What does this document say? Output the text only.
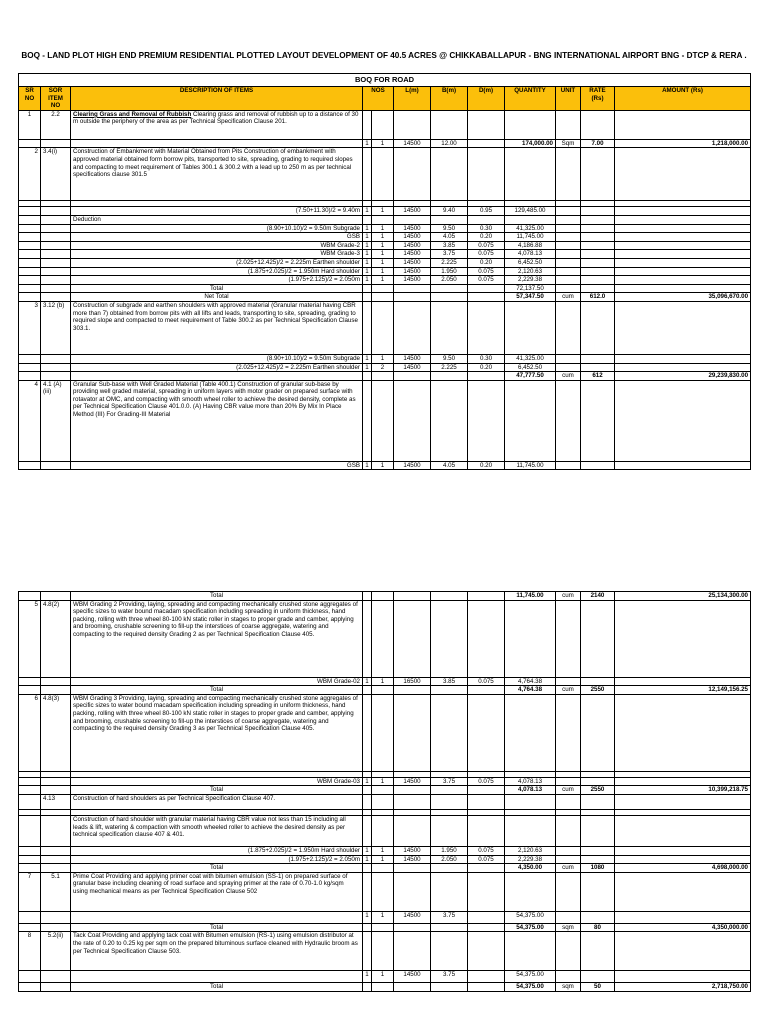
BOQ - LAND PLOT HIGH END PREMIUM RESIDENTIAL PLOTTED LAYOUT DEVELOPMENT OF 40.5 ACRES @ CHIKKABALLAPUR - BNG INTERNATIONAL AIRPORT BNG - DTCP & RERA .
BOQ FOR ROAD											
SR NO	SOR ITEM NO	DESCRIPTION OF ITEMS	NOS		L(m)	B(m)	D(m)	QUANTITY	UNIT	RATE (Rs)	AMOUNT (Rs)
1	2.2	Clearing Grass and Removal of Rubbish Clearing grass and removal of rubbish up to a distance of 30 m outside the periphery of the area as per Technical Specification Clause 201.									
			1	1	14500	12.00		174,000.00	Sqm	7.00	1,218,000.00
2	3.4(i)	Construction of Embankment with Material Obtained from Pits Construction of embankment with approved material obtained form borrow pits, transported to site, spreading, grading to required slopes and compacting to meet requirement of Tables 300.1 & 300.2 with a lead up to 250 m as per technical specifications clause 301.5									

		(7.50+11.30)/2 = 9.40m	1	1	14500	9.40	0.95	129,485.00			
		Deduction									
		(8.90+10.10)/2 = 9.50m Subgrade	1	1	14500	9.50	0.30	41,325.00			
		GSB	1	1	14500	4.05	0.20	11,745.00			
		WBM Grade-2	1	1	14500	3.85	0.075	4,186.88			
		WBM Grade-3	1	1	14500	3.75	0.075	4,078.13			
		(2.025+12.425)/2 = 2.225m Earthen shoulder	1	1	14500	2.225	0.20	6,452.50			
		(1.875+2.025)/2 = 1.950m Hard shoulder	1	1	14500	1.950	0.075	2,120.63			
		(1.975+2.125)/2 = 2.050m	1	1	14500	2.050	0.075	2,229.38			
		Total						72,137.50			
		Net Total						57,347.50	cum	612.0	35,096,670.00
3	3.12 (b)	Construction of subgrade and earthen shoulders with approved material (Granular material having CBR more than 7) obtained from borrow pits with all lifts and leads, transporting to site, spreading, grading to required slope and compacted to meet requirement of Table 300.2 as per Technical Specification Clause 303.1.									
		(8.90+10.10)/2 = 9.50m Subgrade	1	1	14500	9.50	0.30	41,325.00			
		(2.025+12.425)/2 = 2.225m Earthen shoulder	1	2	14500	2.225	0.20	6,452.50			
								47,777.50	cum	612	29,239,830.00
4	4.1 (A) (iii)	Granular Sub-base with Well Graded Material (Table 400.1) Construction of granular sub-base by providing well graded material, spreading in uniform layers with motor grader on prepared surface with rotavator at OMC, and compacting with smooth wheel roller to achieve the desired density, complete as per Technical Specification Clause 401.0.0. (A) Having CBR value more than 20% By Mix In Place Method (III) For Grading-III Material									
		GSB	1	1	14500	4.05	0.20	11,745.00			
		Total						11,745.00	cum	2140	25,134,300.00
5	4.8(2)	WBM Grading 2 Providing, laying, spreading and compacting mechanically crushed stone aggregates of specific sizes to water bound macadam specification including spreading in uniform thickness, hand packing, rolling with three wheel 80-100 kN static roller in stages to proper grade and camber, applying and brooming, crushable screening to fill-up the interstices of coarse aggregate, watering and compacting to the required density Grading 2 as per Technical Specification Clause 405.									
		WBM Grade-02	1	1	16500	3.85	0.075	4,764.38			
		Total						4,764.38	cum	2550	12,149,156.25
6	4.8(3)	WBM Grading 3 Providing, laying, spreading and compacting mechanically crushed stone aggregates of specific sizes to water bound macadam specification including spreading in uniform thickness, hand packing, rolling with three wheel 80-100 kN static roller in stages to proper grade and camber, applying and brooming, crushable screening to fill-up the interstices of coarse aggregate, watering and compacting to the required density Grading 3 as per Technical Specification Clause 405.									

		WBM Grade-03	1	1	14500	3.75	0.075	4,078.13			
		Total						4,078.13	cum	2550	10,399,218.75
	4.13	Construction of hard shoulders as per Technical Specification Clause 407.									

		Construction of hard shoulder with granular material having CBR value not less than 15 including all leads & lift, watering & compaction with smooth wheeled roller to achieve the desired density as per technical specification clause 407 & 401.									
		(1.875+2.025)/2 = 1.950m Hard shoulder	1	1	14500	1.950	0.075	2,120.63			
		(1.975+2.125)/2 = 2.050m	1	1	14500	2.050	0.075	2,229.38			
		Total						4,350.00	cum	1080	4,698,000.00
7	5.1	Prime Coat Providing and applying primer coat with bitumen emulsion (SS-1) on prepared surface of granular base including cleaning of road surface and spraying primer at the rate of 0.70-1.0 kg/sqm using mechanical means as per Technical Specification Clause 502									
			1	1	14500	3.75		54,375.00			
		Total						54,375.00	sqm	80	4,350,000.00
8	5.2(ii)	Tack Coat Providing and applying tack coat with Bitumen emulsion (RS-1) using emulsion distributor at the rate of 0.20 to 0.25 kg per sqm on the prepared bituminous surface cleaned with Hydraulic broom as per Technical Specification Clause 503.									
			1	1	14500	3.75		54,375.00			
		Total						54,375.00	sqm	50	2,718,750.00
